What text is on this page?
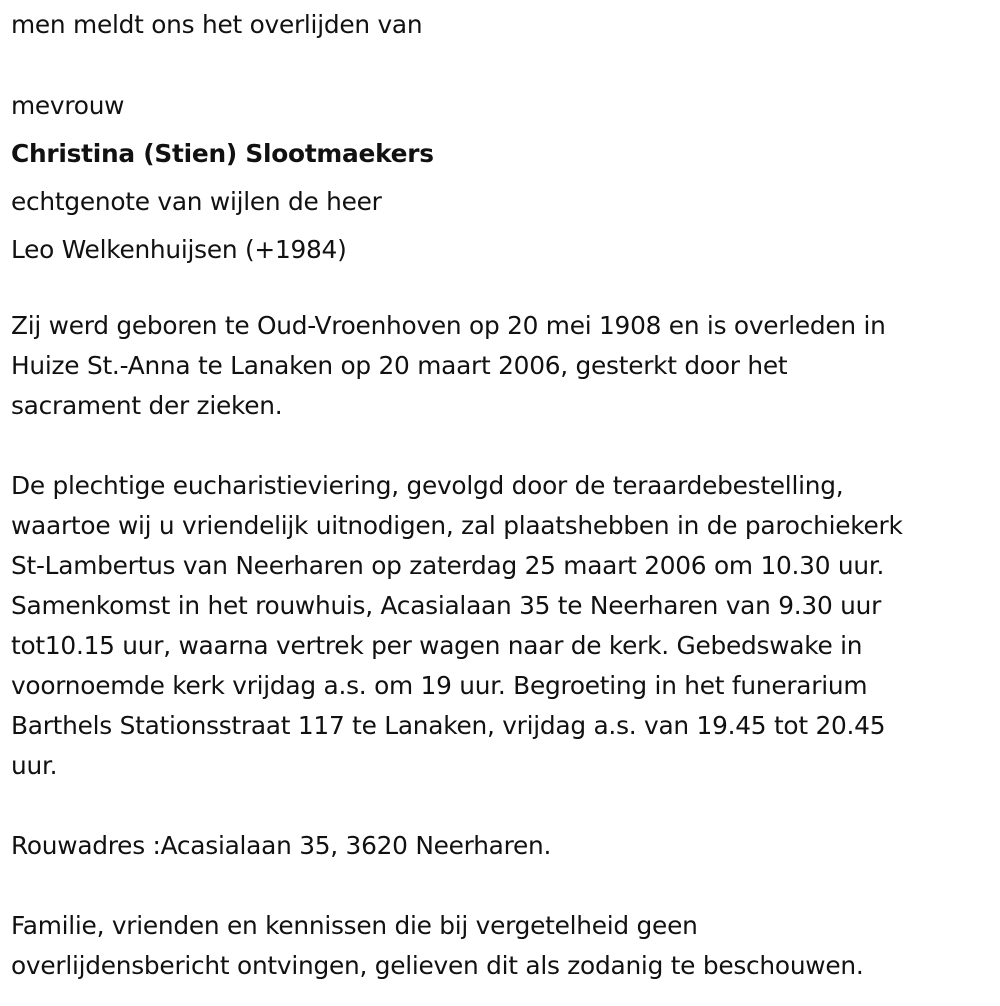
men meldt ons het overlijden van
mevrouw
Christina (Stien) Slootmaekers
echtgenote van wijlen de heer
Leo Welkenhuijsen (+1984)
Zij werd geboren te Oud-Vroenhoven op 20 mei 1908 en is overleden in
Huize St.-Anna te Lanaken op 20 maart 2006, gesterkt door het
sacrament der zieken.
De plechtige eucharistieviering, gevolgd door de teraardebestelling,
waartoe wij u vriendelijk uitnodigen, zal plaatshebben in de parochiekerk
St-Lambertus van Neerharen op zaterdag 25 maart 2006 om 10.30 uur.
Samenkomst in het rouwhuis, Acasialaan 35 te Neerharen van 9.30 uur
tot10.15 uur, waarna vertrek per wagen naar de kerk. Gebedswake in
voornoemde kerk vrijdag a.s. om 19 uur. Begroeting in het funerarium
Barthels Stationsstraat 117 te Lanaken, vrijdag a.s. van 19.45 tot 20.45
uur.
Rouwadres :Acasialaan 35, 3620 Neerharen.
Familie, vrienden en kennissen die bij vergetelheid geen
overlijdensbericht ontvingen, gelieven dit als zodanig te beschouwen.
